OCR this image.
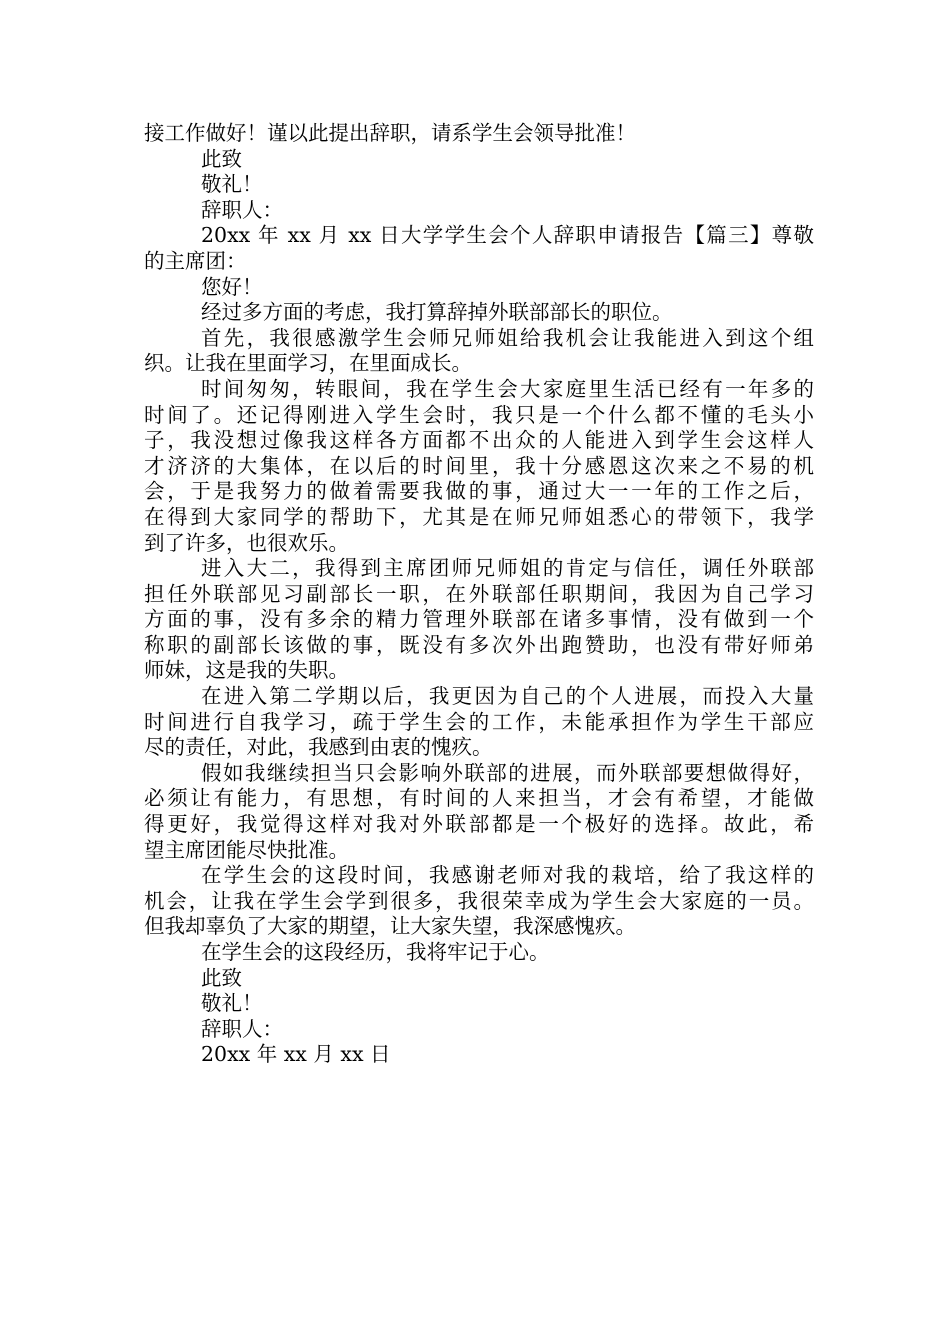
接工作做好！谨以此提出辞职，请系学生会领导批准！
此致
敬礼！
辞职人：
20xx 年 xx 月 xx 日大学学生会个人辞职申请报告【篇三】尊敬
的主席团：
您好！
经过多方面的考虑，我打算辞掉外联部部长的职位。
首先，我很感激学生会师兄师姐给我机会让我能进入到这个组
织。让我在里面学习，在里面成长。
时间匆匆，转眼间，我在学生会大家庭里生活已经有一年多的
时间了。还记得刚进入学生会时，我只是一个什么都不懂的毛头小
子，我没想过像我这样各方面都不出众的人能进入到学生会这样人
才济济的大集体，在以后的时间里，我十分感恩这次来之不易的机
会，于是我努力的做着需要我做的事，通过大一一年的工作之后，
在得到大家同学的帮助下，尤其是在师兄师姐悉心的带领下，我学
到了许多，也很欢乐。
进入大二，我得到主席团师兄师姐的肯定与信任，调任外联部
担任外联部见习副部长一职，在外联部任职期间，我因为自己学习
方面的事，没有多余的精力管理外联部在诸多事情，没有做到一个
称职的副部长该做的事，既没有多次外出跑赞助，也没有带好师弟
师妹，这是我的失职。
在进入第二学期以后，我更因为自己的个人进展，而投入大量
时间进行自我学习，疏于学生会的工作，未能承担作为学生干部应
尽的责任，对此，我感到由衷的愧疚。
假如我继续担当只会影响外联部的进展，而外联部要想做得好，
必须让有能力，有思想，有时间的人来担当，才会有希望，才能做
得更好，我觉得这样对我对外联部都是一个极好的选择。故此，希
望主席团能尽快批准。
在学生会的这段时间，我感谢老师对我的栽培，给了我这样的
机会，让我在学生会学到很多，我很荣幸成为学生会大家庭的一员。
但我却辜负了大家的期望，让大家失望，我深感愧疚。
在学生会的这段经历，我将牢记于心。
此致
敬礼！
辞职人：
20xx 年 xx 月 xx 日
